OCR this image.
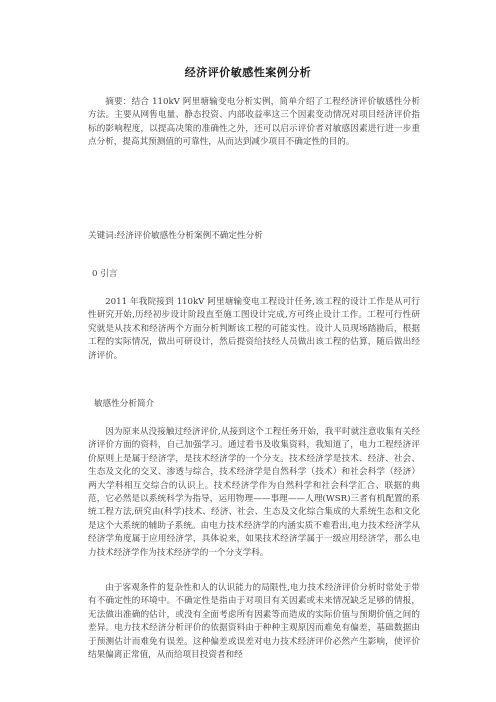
经济评价敏感性案例分析

摘要：结合 110kV 阿里塘输变电分析实例，简单介绍了工程经济评价敏感性分析方法。主要从网售电量、静态投资、内部收益率这三个因素变动情况对项目经济评价指标的影响程度，以提高决策的准确性之外，还可以启示评价者对敏感因素进行进一步重点分析，提高其预测值的可靠性，从而达到减少项目不确定性的目的。

关键词:经济评价敏感性分析案例不确定性分析

0 引言

2011 年我院接到 110kV 阿里塘输变电工程设计任务,该工程的设计工作是从可行性研究开始,历经初步设计阶段直至施工图设计完成,方可终止设计工作。工程可行性研究就是从技术和经济两个方面分析判断该工程的可能实性。设计人员现场踏勘后，根据工程的实际情况，做出可研设计，然后提资给技经人员做出该工程的估算，随后做出经济评价。

敏感性分析简介

因为原来从没接触过经济评价,从接到这个工程任务开始，我平时就注意收集有关经济评价方面的资料，自己加强学习。通过看书及收集资料，我知道了，电力工程经济评价原则上是属于经济学，是技术经济学的一个分支。技术经济学是技术、经济、社会、生态及文化的交叉、渗透与综合，技术经济学是自然科学（技术）和社会科学（经济）两大学科相互交综合的认识上。技术经济学作为自然科学和社会科学汇合、联据的典范，它必然是以系统科学为指导，运用物理——事理——人理(WSR)三者有机配置的系统工程方法,研究由(科学)技术、经济、社会、生态及文化综合集成的大系统生态和文化是这个大系统的辅助子系统。由电力技术经济学的内涵实质不难看出,电力技术经济学从经济学角度属于应用经济学，具体说来，如果技术经济学属于一级应用经济学，那么电力技术经济学作为技术经济学的一个分支学科。

由于客观条件的复杂性和人的认识能力的局限性,电力技术经济评价分析时常处于带有不确定性的环境中。不确定性是指由于对项目有关因素或未来情况缺乏足够的情报，无法做出准确的估计，或没有全面考虑所有因素等而造成的实际价值与预期价值之间的差异。电力技术经济分析评价的依据资料由于种种主观原因而难免有偏差，基础数据由于预测估计而难免有误差。这种偏差或误差对电力技术经济评价必然产生影响，使评价结果偏离正常值，从而给项目投资者和经
